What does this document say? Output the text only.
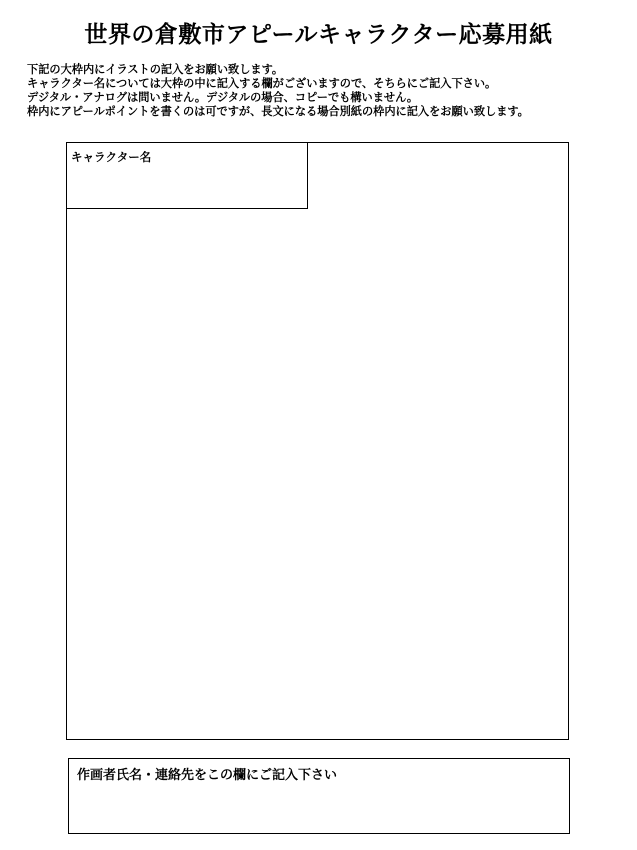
世界の倉敷市アピールキャラクター応募用紙
下記の大枠内にイラストの記入をお願い致します。
キャラクター名については大枠の中に記入する欄がございますので、そちらにご記入下さい。
デジタル・アナログは問いません。デジタルの場合、コピーでも構いません。
枠内にアピールポイントを書くのは可ですが、長文になる場合別紙の枠内に記入をお願い致します。
キャラクター名
作画者氏名・連絡先をこの欄にご記入下さい
